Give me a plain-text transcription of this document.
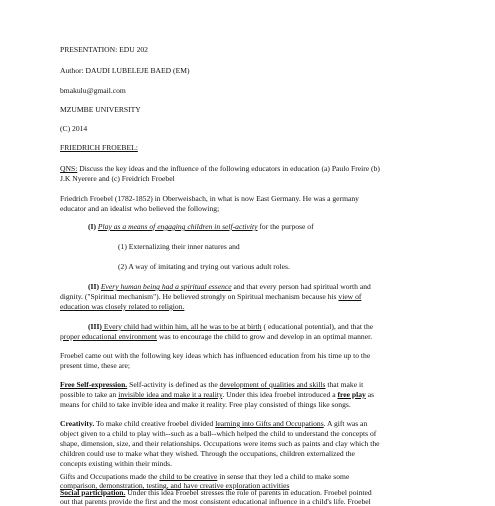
PRESENTATION: EDU 202
Author: DAUDI LUBELEJE BAED (EM)
bmakulu@gmail.com
MZUMBE UNIVERSITY
(C) 2014
FRIEDRICH FROEBEL:
QNS: Discuss the key ideas and the influence of the following educators in education (a) Paulo Freire (b)
J.K Nyerere and (c) Freidrich Froebel
Friedrich Froebel (1782-1852) in Oberweisbach, in what is now East Germany. He was a germany
educator and an idealist who believed the following;
(I) Play as a means of engaging children in self-activity for the purpose of
(1) Externalizing their inner natures and
(2) A way of imitating and trying out various adult roles.
(II) Every human being had a spiritual essence and that every person had spiritual worth and
dignity. ("Spiritual mechanism"). He believed strongly on Spiritual mechanism because his view of
education was closely related to religion.
(III) Every child had within him, all he was to be at birth ( educational potential), and that the
proper educational environment was to encourage the child to grow and develop in an optimal manner.
Froebel came out with the following key ideas which has influenced education from his time up to the
present time, these are;
Free Self-expression. Self-activity is defined as the development of qualities and skills that make it
possible to take an invisible idea and make it a reality. Under this idea froebel introduced a free play as
means for child to take invible idea and make it reality. Free play consisted of things like songs.
Creativity. To make child creative froebel divided learning into Gifts and Occupations. A gift was an
object given to a child to play with--such as a ball--which helped the child to understand the concepts of
shape, dimension, size, and their relationships. Occupations were items such as paints and clay which the
children could use to make what they wished. Through the occupations, children externalized the
concepts existing within their minds.
Gifts and Occupations made the child to be creative in sense that they led a child to make some
comparison, demonstration, testing, and have creative exploration activities
Social participation. Under this idea Froebel stresses the role of parents in education. Froebel pointed
out that parents provide the first and the most consistent educational influence in a child's life. Froebel
